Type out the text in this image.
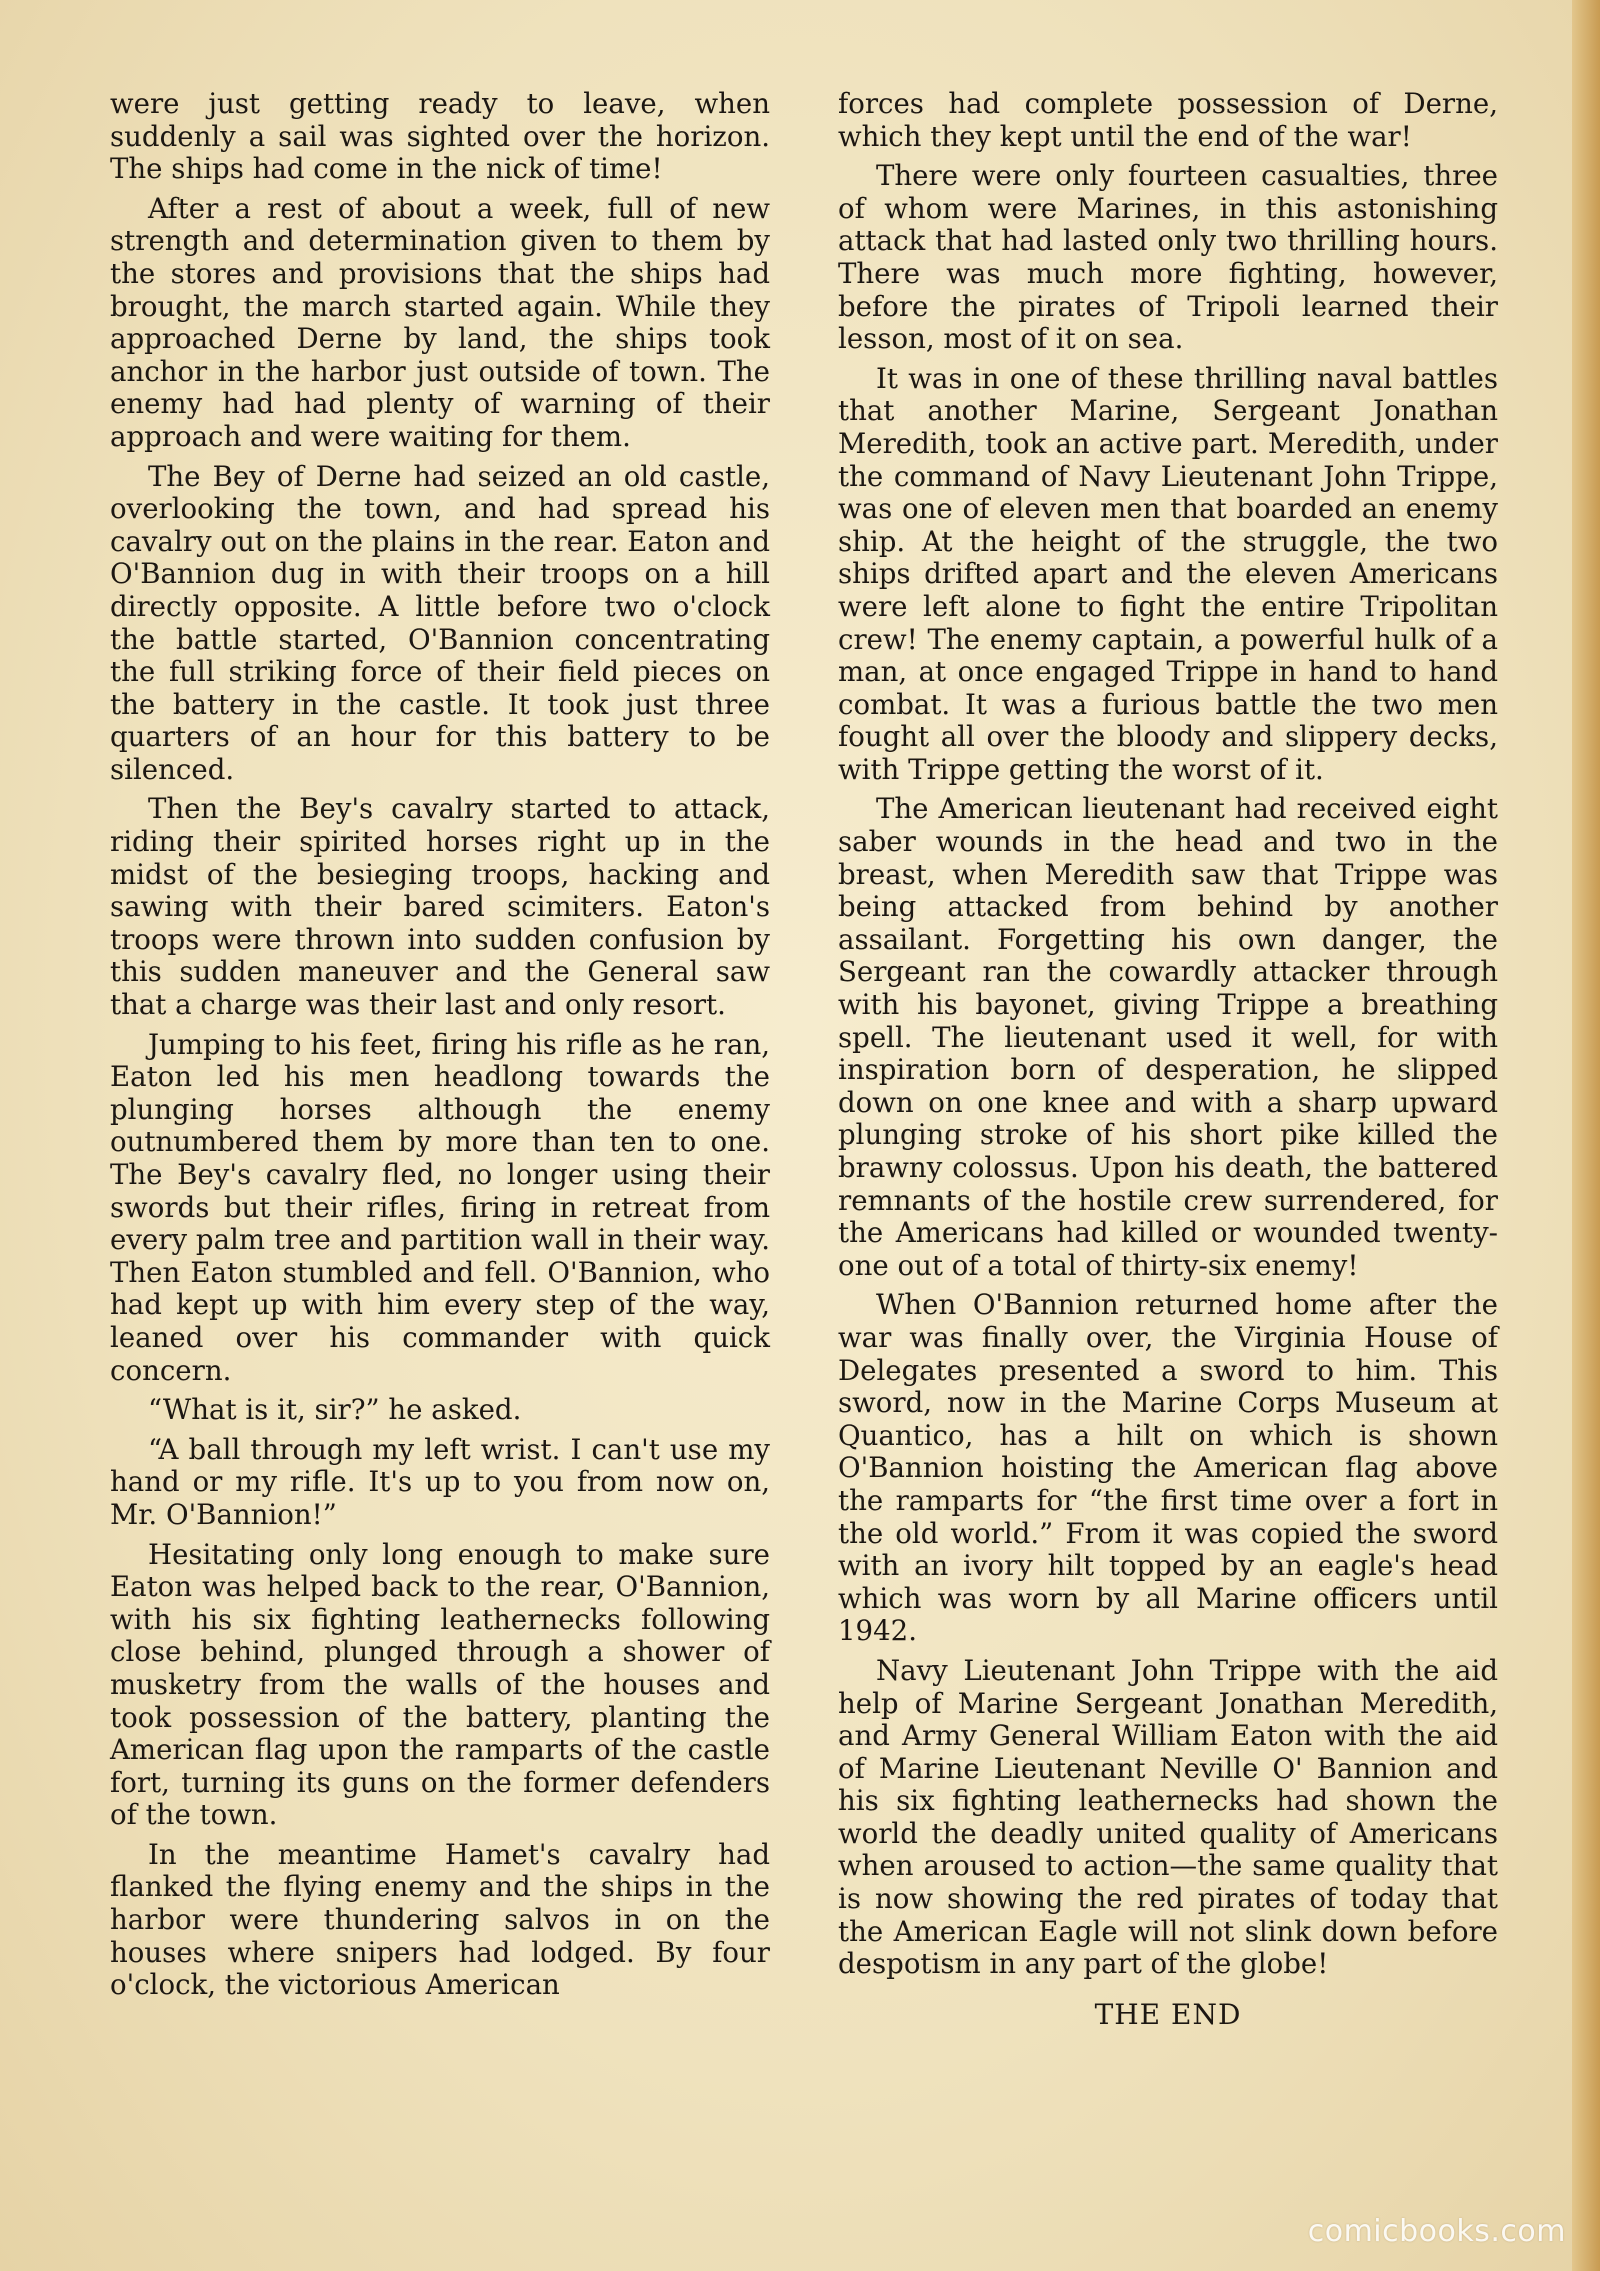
were just getting ready to leave, when suddenly a sail was sighted over the horizon. The ships had come in the nick of time!

After a rest of about a week, full of new strength and determination given to them by the stores and provisions that the ships had brought, the march started again. While they approached Derne by land, the ships took anchor in the harbor just outside of town. The enemy had had plenty of warning of their approach and were waiting for them.

The Bey of Derne had seized an old castle, overlooking the town, and had spread his cavalry out on the plains in the rear. Eaton and O'Bannion dug in with their troops on a hill directly opposite. A little before two o'clock the battle started, O'Bannion concentrating the full striking force of their field pieces on the battery in the castle. It took just three quarters of an hour for this battery to be silenced.

Then the Bey's cavalry started to attack, riding their spirited horses right up in the midst of the besieging troops, hacking and sawing with their bared scimiters. Eaton's troops were thrown into sudden confusion by this sudden maneuver and the General saw that a charge was their last and only resort.

Jumping to his feet, firing his rifle as he ran, Eaton led his men headlong towards the plunging horses although the enemy outnumbered them by more than ten to one. The Bey's cavalry fled, no longer using their swords but their rifles, firing in retreat from every palm tree and partition wall in their way. Then Eaton stumbled and fell. O'Bannion, who had kept up with him every step of the way, leaned over his commander with quick concern.

“What is it, sir?” he asked.

“A ball through my left wrist. I can't use my hand or my rifle. It's up to you from now on, Mr. O'Bannion!”

Hesitating only long enough to make sure Eaton was helped back to the rear, O'Bannion, with his six fighting leathernecks following close behind, plunged through a shower of musketry from the walls of the houses and took possession of the battery, planting the American flag upon the ramparts of the castle fort, turning its guns on the former defenders of the town.

In the meantime Hamet's cavalry had flanked the flying enemy and the ships in the harbor were thundering salvos in on the houses where snipers had lodged. By four o'clock, the victorious American

forces had complete possession of Derne, which they kept until the end of the war!

There were only fourteen casualties, three of whom were Marines, in this astonishing attack that had lasted only two thrilling hours. There was much more fighting, however, before the pirates of Tripoli learned their lesson, most of it on sea.

It was in one of these thrilling naval battles that another Marine, Sergeant Jonathan Meredith, took an active part. Meredith, under the command of Navy Lieutenant John Trippe, was one of eleven men that boarded an enemy ship. At the height of the struggle, the two ships drifted apart and the eleven Americans were left alone to fight the entire Tripolitan crew! The enemy captain, a powerful hulk of a man, at once engaged Trippe in hand to hand combat. It was a furious battle the two men fought all over the bloody and slippery decks, with Trippe getting the worst of it.

The American lieutenant had received eight saber wounds in the head and two in the breast, when Meredith saw that Trippe was being attacked from behind by another assailant. Forgetting his own danger, the Sergeant ran the cowardly attacker through with his bayonet, giving Trippe a breathing spell. The lieutenant used it well, for with inspiration born of desperation, he slipped down on one knee and with a sharp upward plunging stroke of his short pike killed the brawny colossus. Upon his death, the battered remnants of the hostile crew surrendered, for the Americans had killed or wounded twenty-one out of a total of thirty-six enemy!

When O'Bannion returned home after the war was finally over, the Virginia House of Delegates presented a sword to him. This sword, now in the Marine Corps Museum at Quantico, has a hilt on which is shown O'Bannion hoisting the American flag above the ramparts for “the first time over a fort in the old world.” From it was copied the sword with an ivory hilt topped by an eagle's head which was worn by all Marine officers until 1942.

Navy Lieutenant John Trippe with the aid help of Marine Sergeant Jonathan Meredith, and Army General William Eaton with the aid of Marine Lieutenant Neville O' Bannion and his six fighting leathernecks had shown the world the deadly united quality of Americans when aroused to action—the same quality that is now showing the red pirates of today that the American Eagle will not slink down before despotism in any part of the globe!

THE END

comicbooks.com
